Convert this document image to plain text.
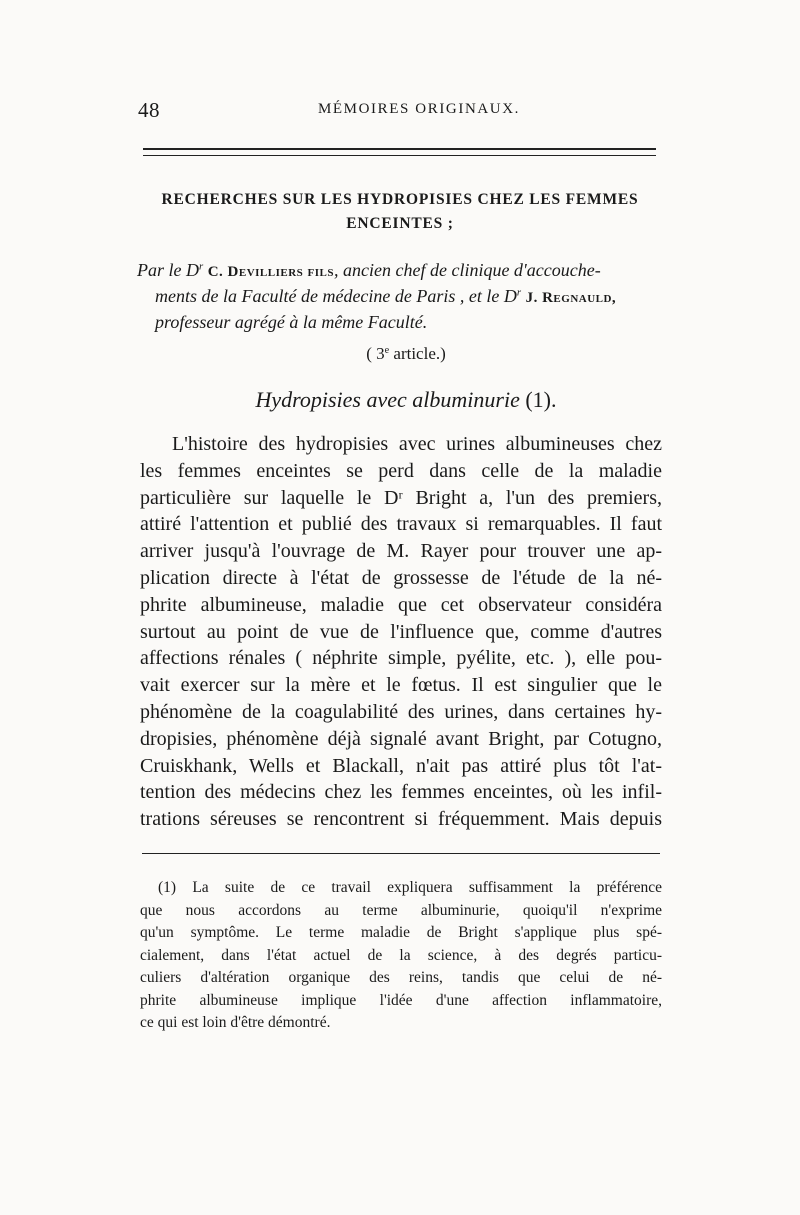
48	MÉMOIRES ORIGINAUX.
RECHERCHES SUR LES HYDROPISIES CHEZ LES FEMMES
ENCEINTES ;
Par le $D^r$ C. Devilliers fils, ancien chef de clinique d'accouche-
ments de la Faculté de médecine de Paris , et le $D^r$ J. Regnauld,
professeur agrégé à la même Faculté.
( 3e article.)
Hydropisies avec albuminurie (1).
L'histoire des hydropisies avec urines albumineuses chez
les femmes enceintes se perd dans celle de la maladie
particulière sur laquelle le Dʳ Bright a, l'un des premiers,
attiré l'attention et publié des travaux si remarquables. Il faut
arriver jusqu'à l'ouvrage de M. Rayer pour trouver une ap-
plication directe à l'état de grossesse de l'étude de la né-
phrite albumineuse, maladie que cet observateur considéra
surtout au point de vue de l'influence que, comme d'autres
affections rénales ( néphrite simple, pyélite, etc. ), elle pou-
vait exercer sur la mère et le fœtus. Il est singulier que le
phénomène de la coagulabilité des urines, dans certaines hy-
dropisies, phénomène déjà signalé avant Bright, par Cotugno,
Cruiskhank, Wells et Blackall, n'ait pas attiré plus tôt l'at-
tention des médecins chez les femmes enceintes, où les infil-
trations séreuses se rencontrent si fréquemment. Mais depuis
(1) La suite de ce travail expliquera suffisamment la préférence
que nous accordons au terme albuminurie, quoiqu'il n'exprime
qu'un symptôme. Le terme maladie de Bright s'applique plus spé-
cialement, dans l'état actuel de la science, à des degrés particu-
culiers d'altération organique des reins, tandis que celui de né-
phrite albumineuse implique l'idée d'une affection inflammatoire,
ce qui est loin d'être démontré.
